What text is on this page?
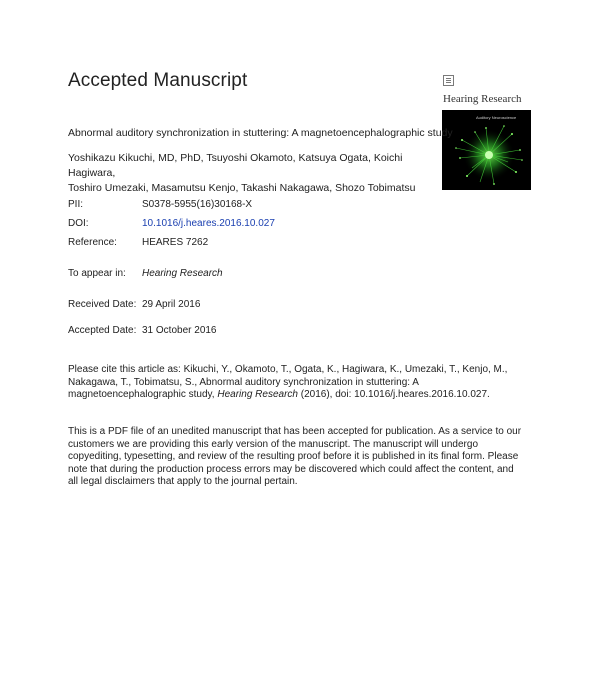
Accepted Manuscript
Hearing Research
Auditory Neuroscience
Abnormal auditory synchronization in stuttering: A magnetoencephalographic study
Yoshikazu Kikuchi, MD, PhD, Tsuyoshi Okamoto, Katsuya Ogata, Koichi Hagiwara,
Toshiro Umezaki, Masamutsu Kenjo, Takashi Nakagawa, Shozo Tobimatsu
PII:	S0378-5955(16)30168-X
DOI:	10.1016/j.heares.2016.10.027
Reference:	HEARES 7262
To appear in: Hearing Research
Received Date: 29 April 2016
Accepted Date: 31 October 2016
Please cite this article as: Kikuchi, Y., Okamoto, T., Ogata, K., Hagiwara, K., Umezaki, T., Kenjo, M., Nakagawa, T., Tobimatsu, S., Abnormal auditory synchronization in stuttering: A magnetoencephalographic study, Hearing Research (2016), doi: 10.1016/j.heares.2016.10.027.
This is a PDF file of an unedited manuscript that has been accepted for publication. As a service to our customers we are providing this early version of the manuscript. The manuscript will undergo copyediting, typesetting, and review of the resulting proof before it is published in its final form. Please note that during the production process errors may be discovered which could affect the content, and all legal disclaimers that apply to the journal pertain.
